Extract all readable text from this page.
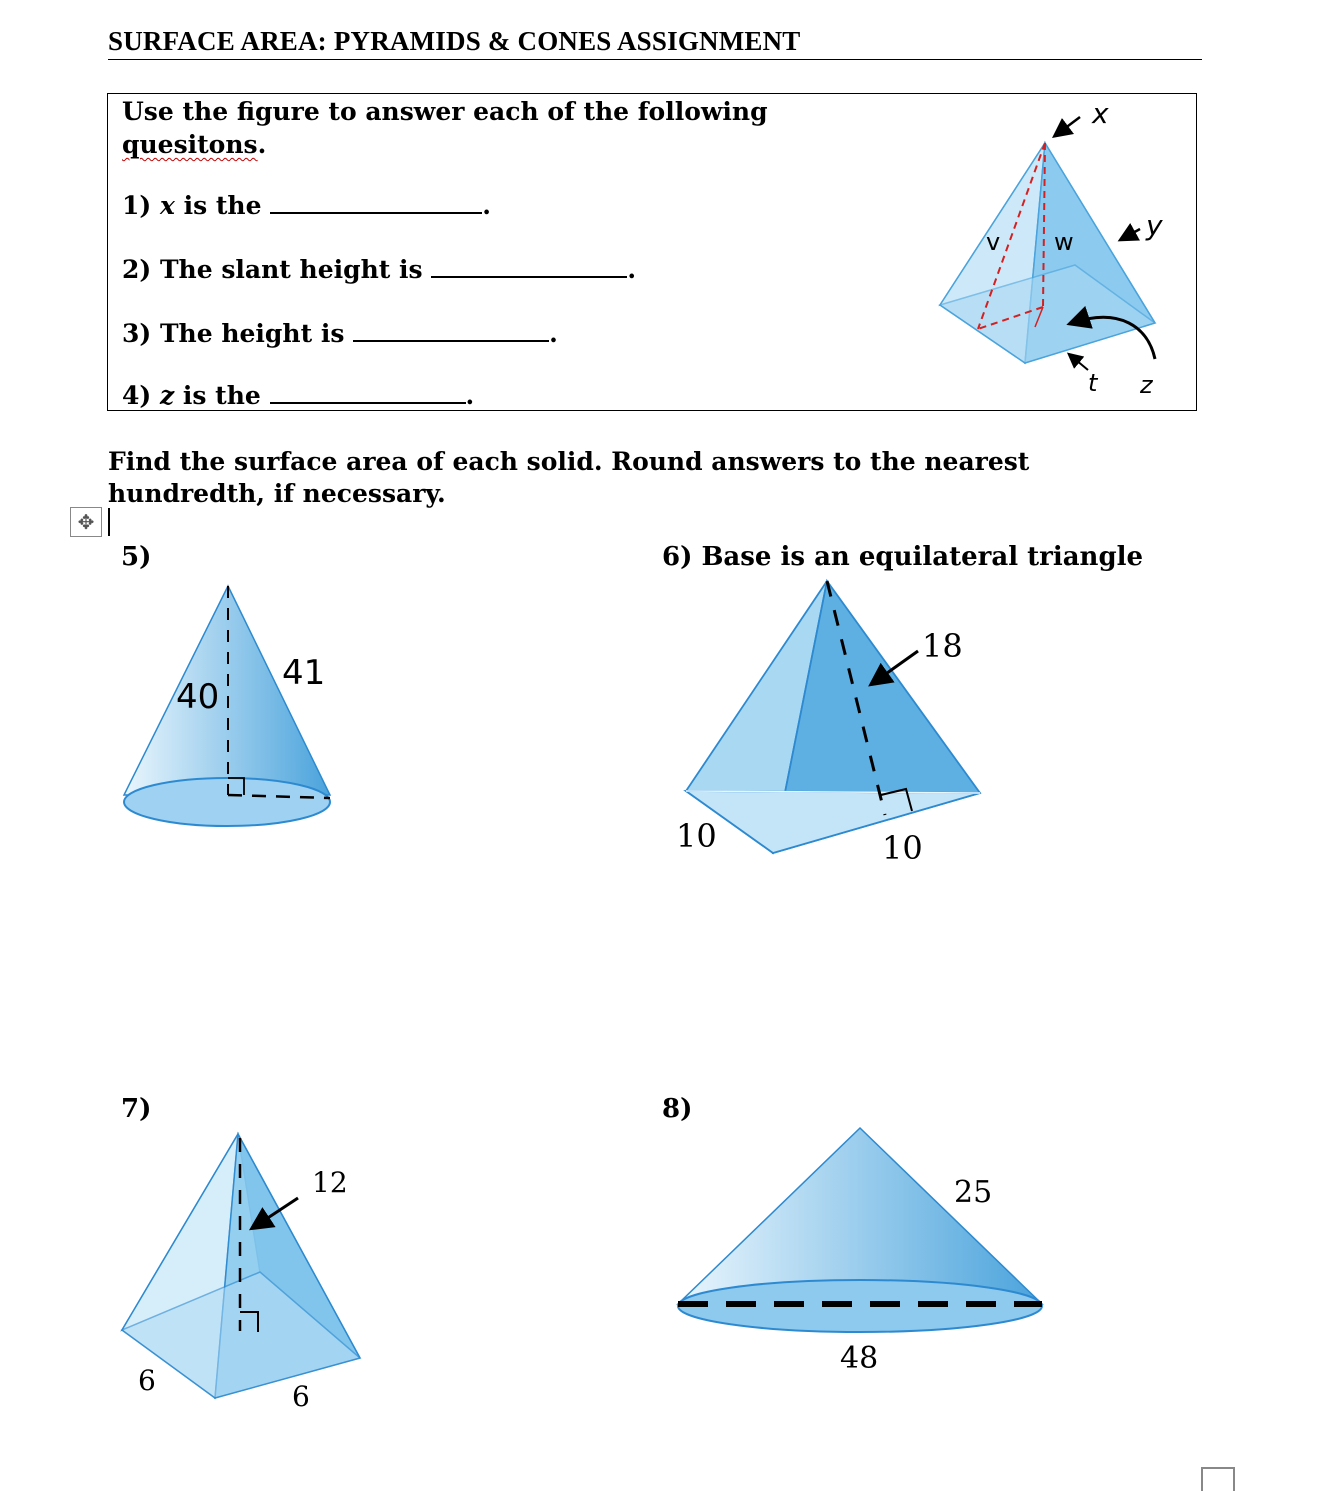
SURFACE AREA: PYRAMIDS & CONES ASSIGNMENT
Use the figure to answer each of the following
quesitons.
1) x is the	.
2) The slant height is	.
3) The height is	.
4) z is the	.
x
v w	y
t z
Find the surface area of each solid. Round answers to the nearest hundredth, if necessary.
✥
5)	6) Base is an equilateral triangle
7)	8)
40
41
18
10	10
12
6	6
25
48
